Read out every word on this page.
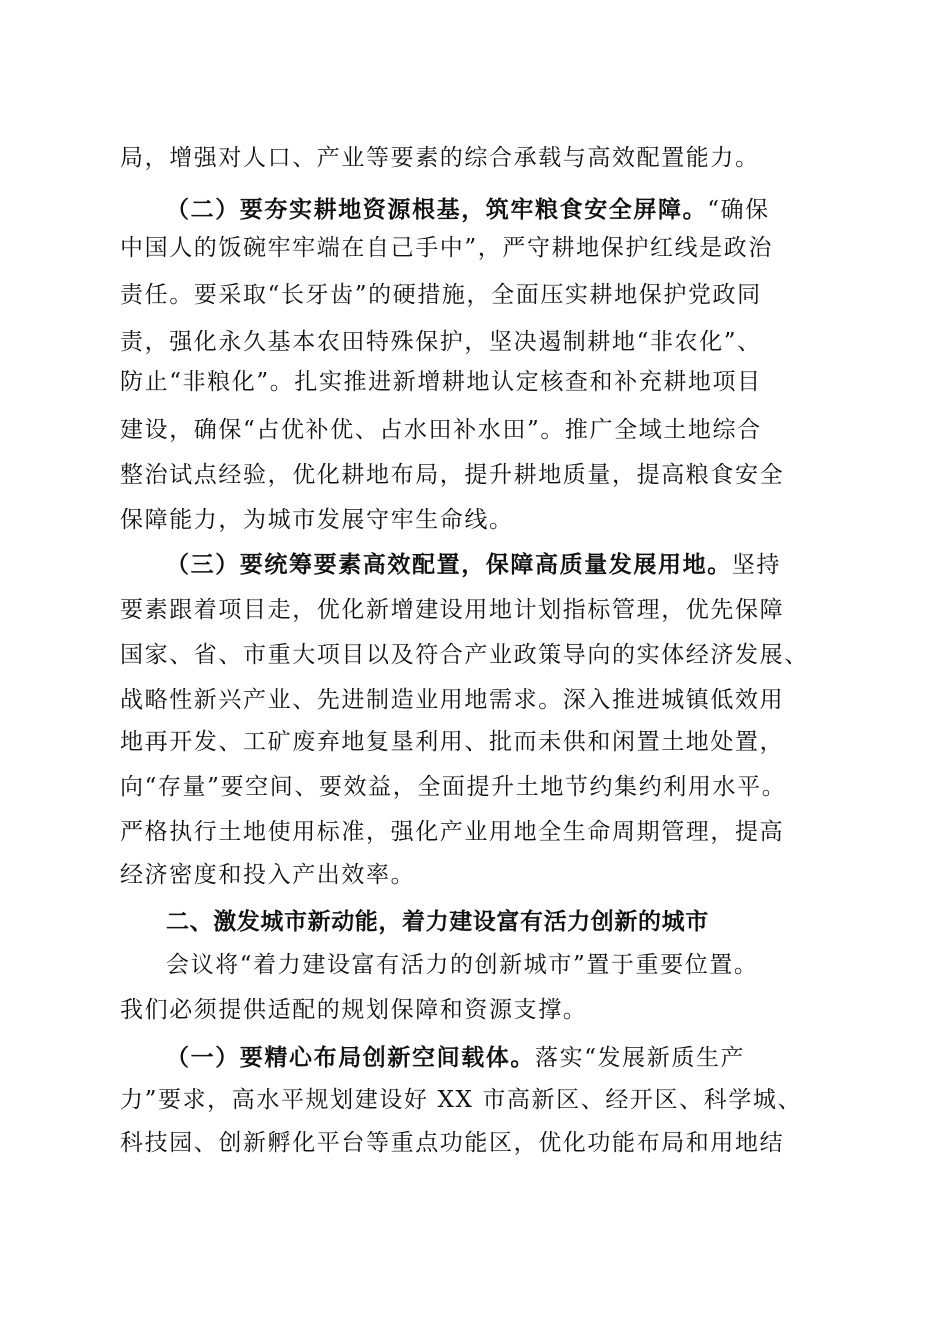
局，增强对人口、产业等要素的综合承载与高效配置能力。
（二）要夯实耕地资源根基，筑牢粮食安全屏障。“确保
中国人的饭碗牢牢端在自己手中”，严守耕地保护红线是政治
责任。要采取“长牙齿”的硬措施，全面压实耕地保护党政同
责，强化永久基本农田特殊保护，坚决遏制耕地“非农化”、
防止“非粮化”。扎实推进新增耕地认定核查和补充耕地项目
建设，确保“占优补优、占水田补水田”。推广全域土地综合
整治试点经验，优化耕地布局，提升耕地质量，提高粮食安全
保障能力，为城市发展守牢生命线。
（三）要统筹要素高效配置，保障高质量发展用地。坚持
要素跟着项目走，优化新增建设用地计划指标管理，优先保障
国家、省、市重大项目以及符合产业政策导向的实体经济发展、
战略性新兴产业、先进制造业用地需求。深入推进城镇低效用
地再开发、工矿废弃地复垦利用、批而未供和闲置土地处置，
向“存量”要空间、要效益，全面提升土地节约集约利用水平。
严格执行土地使用标准，强化产业用地全生命周期管理，提高
经济密度和投入产出效率。
二、激发城市新动能，着力建设富有活力创新的城市
会议将“着力建设富有活力的创新城市”置于重要位置。
我们必须提供适配的规划保障和资源支撑。
（一）要精心布局创新空间载体。落实“发展新质生产
力”要求，高水平规划建设好 XX 市高新区、经开区、科学城、
科技园、创新孵化平台等重点功能区，优化功能布局和用地结
